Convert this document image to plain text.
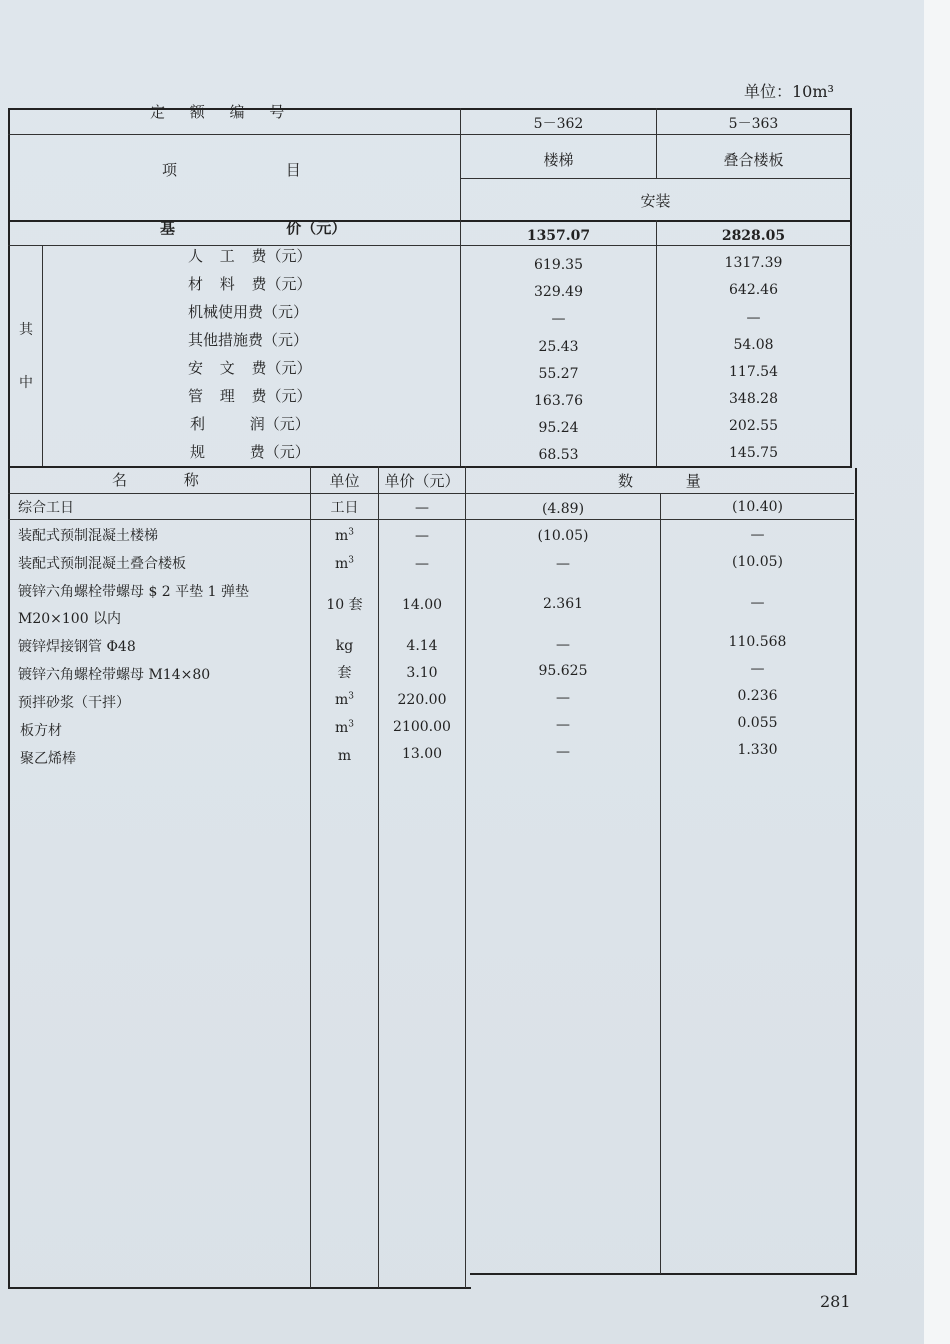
单位：10m³
定 额 编 号
5－362	5－363
项 目
楼梯	叠合楼板
安装
基 价（元）	1357.07	2828.05
其
中
人 工 费（元）	619.35	1317.39
材 料 费（元）	329.49	642.46
机械使用费（元）	—	—
其他措施费（元）	25.43	54.08
安 文 费（元）	55.27	117.54
管 理 费（元）	163.76	348.28
利 润（元）	95.24	202.55
规 费（元）	68.53	145.75
名 称	单位	单价（元）	数 量
综合工日	工日	—	(4.89)	(10.40)
装配式预制混凝土楼梯	$m^3$	—	(10.05)	—
装配式预制混凝土叠合楼板	$m^3$	—	—	(10.05)
镀锌六角螺栓带螺母 $ 2 平垫 1 弹垫
M20×100 以内
10 套	14.00	2.361	—
镀锌焊接钢管 Φ48	kg	4.14	—	110.568
镀锌六角螺栓带螺母 M14×80	套	3.10	95.625	—
预拌砂浆（干拌）	$m^3$	220.00	—	0.236
板方材	$m^3$	2100.00	—	0.055
聚乙烯棒	m	13.00	—	1.330
281
